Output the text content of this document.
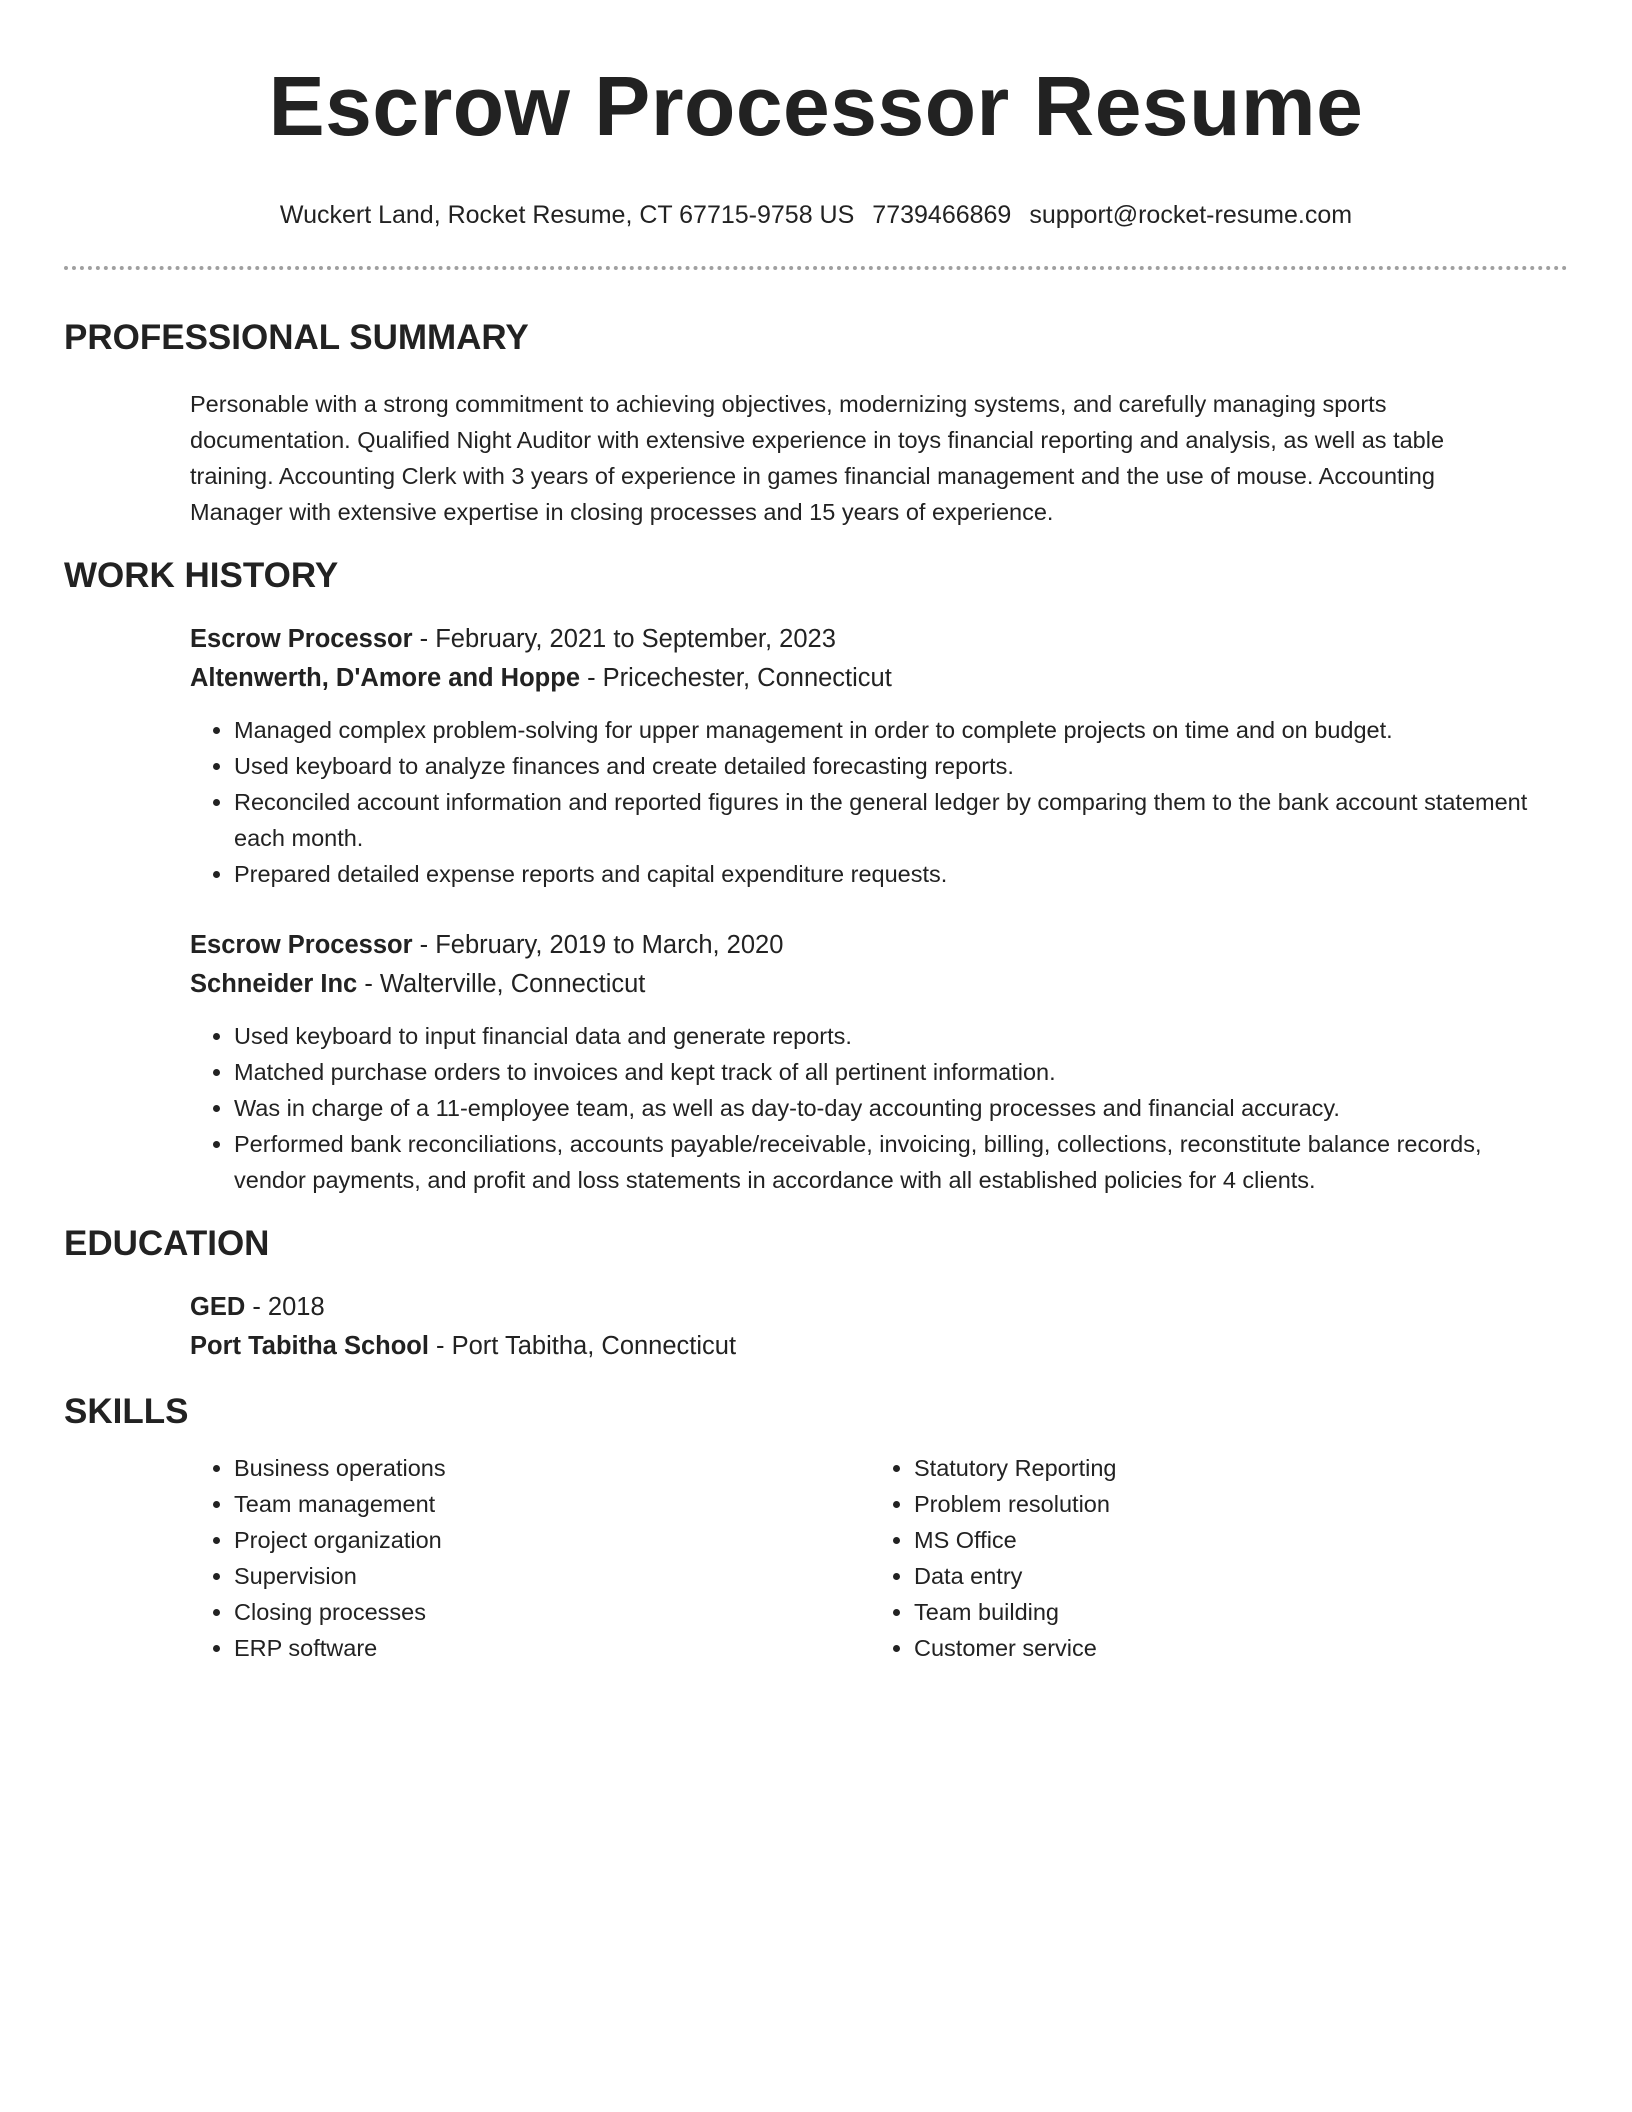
Escrow Processor Resume
Wuckert Land, Rocket Resume, CT 67715-9758 US 7739466869 support@rocket-resume.com
PROFESSIONAL SUMMARY

Personable with a strong commitment to achieving objectives, modernizing systems, and carefully managing sports documentation. Qualified Night Auditor with extensive experience in toys financial reporting and analysis, as well as table training. Accounting Clerk with 3 years of experience in games financial management and the use of mouse. Accounting Manager with extensive expertise in closing processes and 15 years of experience.

WORK HISTORY
Escrow Processor - February, 2021 to September, 2023
Altenwerth, D'Amore and Hoppe - Pricechester, Connecticut
• Managed complex problem-solving for upper management in order to complete projects on time and on budget.
• Used keyboard to analyze finances and create detailed forecasting reports.
• Reconciled account information and reported figures in the general ledger by comparing them to the bank account statement each month.
• Prepared detailed expense reports and capital expenditure requests.
Escrow Processor - February, 2019 to March, 2020
Schneider Inc - Walterville, Connecticut
• Used keyboard to input financial data and generate reports.
• Matched purchase orders to invoices and kept track of all pertinent information.
• Was in charge of a 11-employee team, as well as day-to-day accounting processes and financial accuracy.
• Performed bank reconciliations, accounts payable/receivable, invoicing, billing, collections, reconstitute balance records, vendor payments, and profit and loss statements in accordance with all established policies for 4 clients.
EDUCATION
GED - 2018
Port Tabitha School - Port Tabitha, Connecticut
SKILLS
• Business operations
• Team management
• Project organization
• Supervision
• Closing processes
• ERP software
• Statutory Reporting
• Problem resolution
• MS Office
• Data entry
• Team building
• Customer service
